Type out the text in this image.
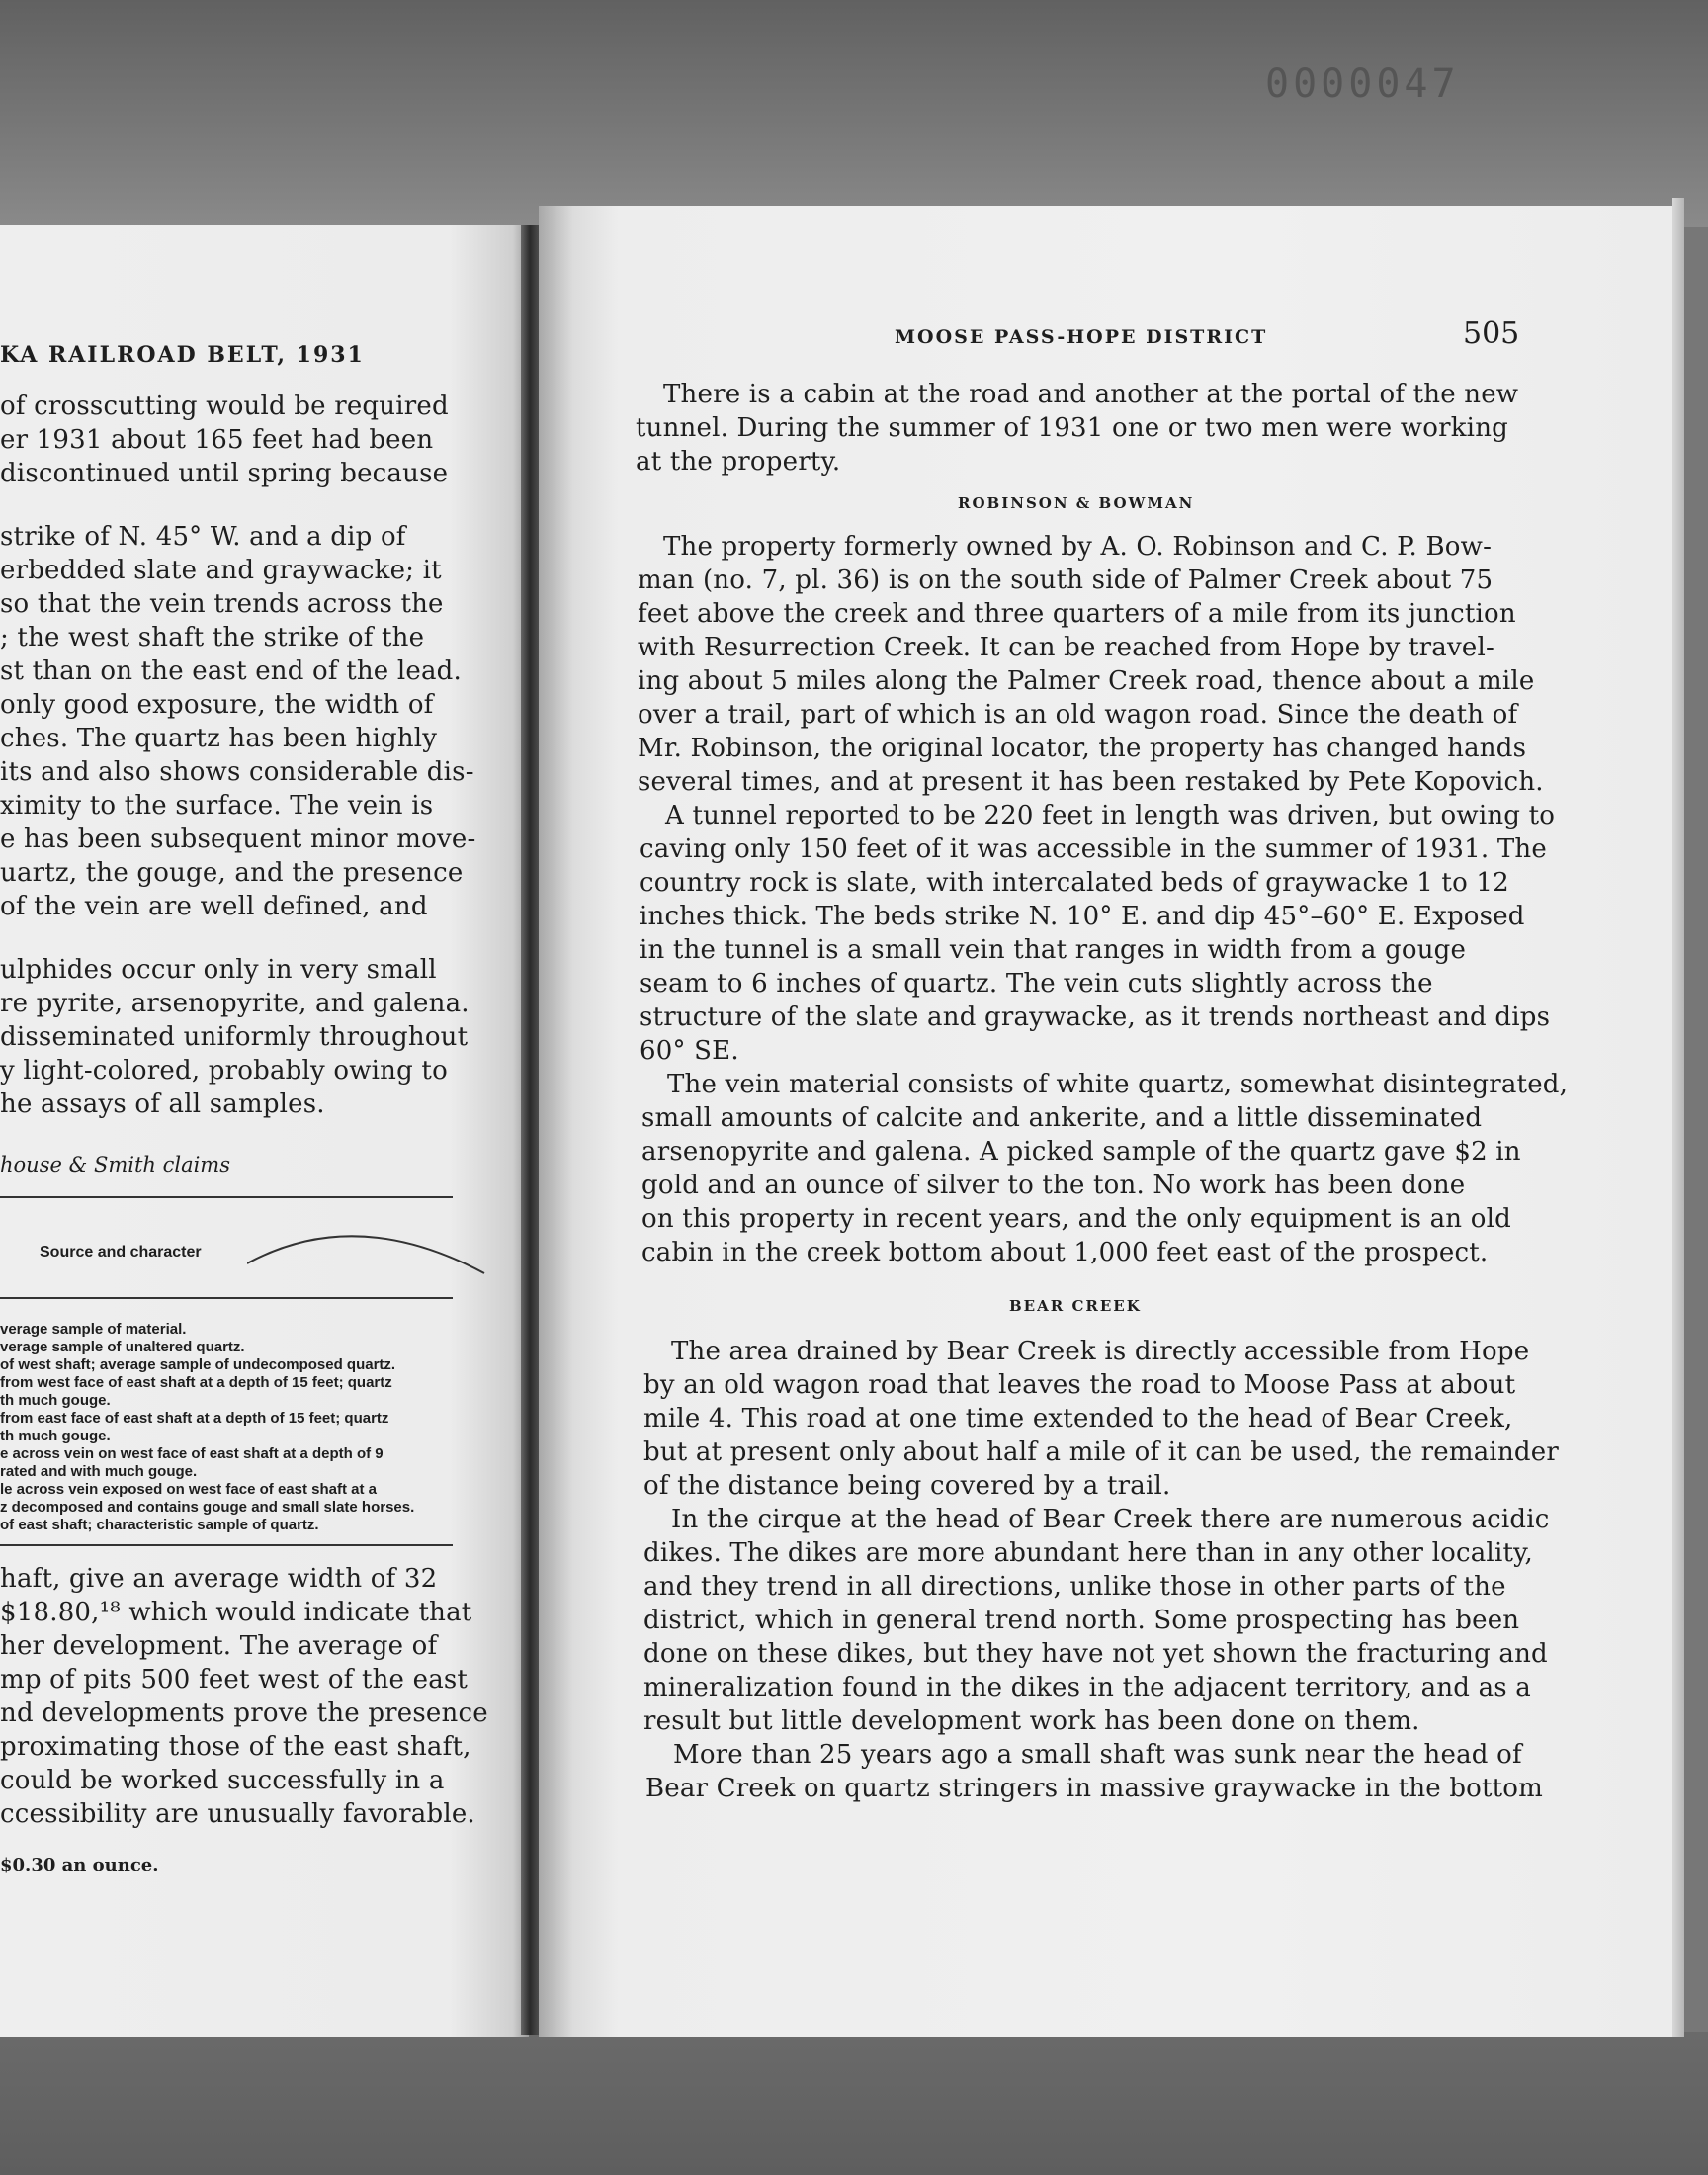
0000047
KA RAILROAD BELT, 1931
of crosscutting would be required
er 1931 about 165 feet had been
discontinued until spring because
strike of N. 45° W. and a dip of
erbedded slate and graywacke; it
so that the vein trends across the
; the west shaft the strike of the
st than on the east end of the lead.
only good exposure, the width of
ches. The quartz has been highly
its and also shows considerable dis-
ximity to the surface. The vein is
e has been subsequent minor move-
uartz, the gouge, and the presence
of the vein are well defined, and
ulphides occur only in very small
re pyrite, arsenopyrite, and galena.
disseminated uniformly throughout
y light-colored, probably owing to
he assays of all samples.
house & Smith claims
Source and character
verage sample of material.
verage sample of unaltered quartz.
of west shaft; average sample of undecomposed quartz.
from west face of east shaft at a depth of 15 feet; quartz
th much gouge.
from east face of east shaft at a depth of 15 feet; quartz
th much gouge.
e across vein on west face of east shaft at a depth of 9
rated and with much gouge.
le across vein exposed on west face of east shaft at a
z decomposed and contains gouge and small slate horses.
of east shaft; characteristic sample of quartz.
haft, give an average width of 32
$18.80,¹⁸ which would indicate that
her development. The average of
mp of pits 500 feet west of the east
nd developments prove the presence
proximating those of the east shaft,
could be worked successfully in a
ccessibility are unusually favorable.
$0.30 an ounce.
MOOSE PASS-HOPE DISTRICT	505
There is a cabin at the road and another at the portal of the new
tunnel. During the summer of 1931 one or two men were working
at the property.
ROBINSON & BOWMAN
The property formerly owned by A. O. Robinson and C. P. Bow-
man (no. 7, pl. 36) is on the south side of Palmer Creek about 75
feet above the creek and three quarters of a mile from its junction
with Resurrection Creek. It can be reached from Hope by travel-
ing about 5 miles along the Palmer Creek road, thence about a mile
over a trail, part of which is an old wagon road. Since the death of
Mr. Robinson, the original locator, the property has changed hands
several times, and at present it has been restaked by Pete Kopovich.
A tunnel reported to be 220 feet in length was driven, but owing to
caving only 150 feet of it was accessible in the summer of 1931. The
country rock is slate, with intercalated beds of graywacke 1 to 12
inches thick. The beds strike N. 10° E. and dip 45°–60° E. Exposed
in the tunnel is a small vein that ranges in width from a gouge
seam to 6 inches of quartz. The vein cuts slightly across the
structure of the slate and graywacke, as it trends northeast and dips
60° SE.
The vein material consists of white quartz, somewhat disintegrated,
small amounts of calcite and ankerite, and a little disseminated
arsenopyrite and galena. A picked sample of the quartz gave $2 in
gold and an ounce of silver to the ton. No work has been done
on this property in recent years, and the only equipment is an old
cabin in the creek bottom about 1,000 feet east of the prospect.
BEAR CREEK
The area drained by Bear Creek is directly accessible from Hope
by an old wagon road that leaves the road to Moose Pass at about
mile 4. This road at one time extended to the head of Bear Creek,
but at present only about half a mile of it can be used, the remainder
of the distance being covered by a trail.
In the cirque at the head of Bear Creek there are numerous acidic
dikes. The dikes are more abundant here than in any other locality,
and they trend in all directions, unlike those in other parts of the
district, which in general trend north. Some prospecting has been
done on these dikes, but they have not yet shown the fracturing and
mineralization found in the dikes in the adjacent territory, and as a
result but little development work has been done on them.
More than 25 years ago a small shaft was sunk near the head of
Bear Creek on quartz stringers in massive graywacke in the bottom
